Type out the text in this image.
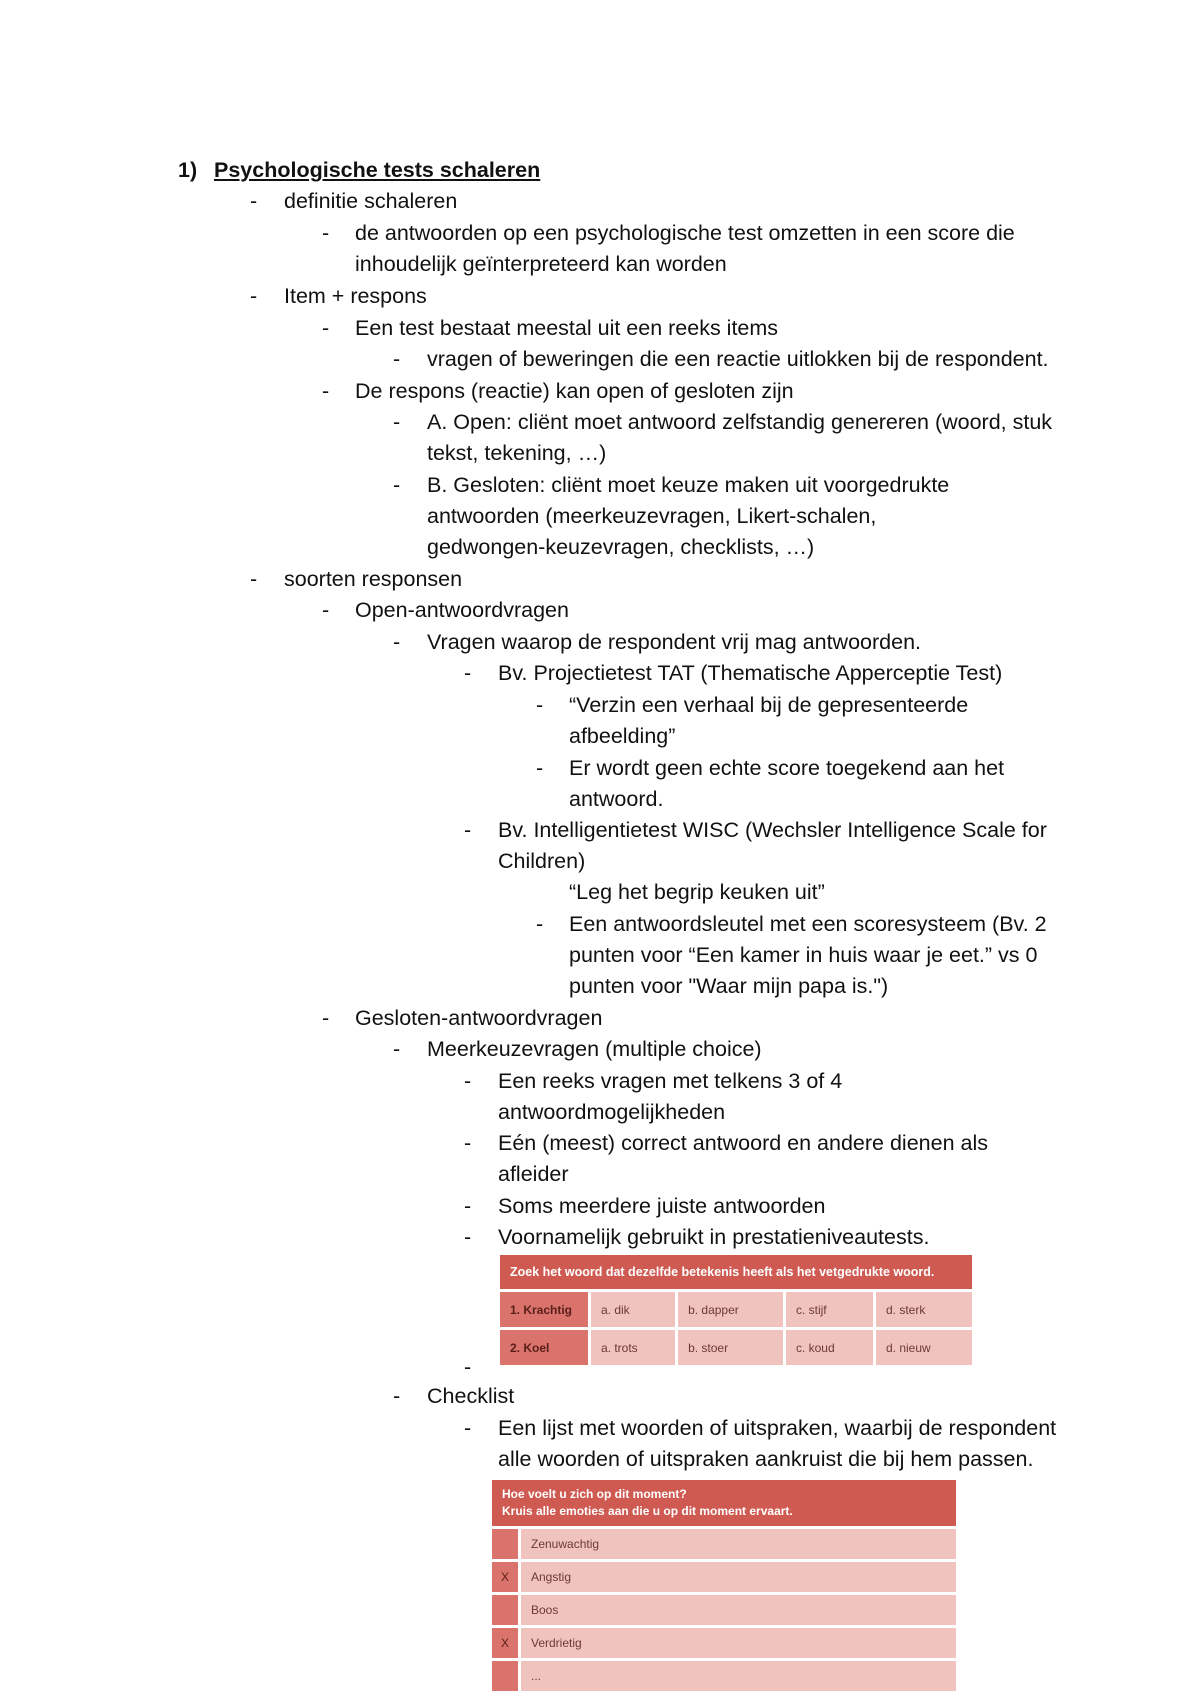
1) Psychologische tests schaleren
- definitie schaleren
- de antwoorden op een psychologische test omzetten in een score die
inhoudelijk geïnterpreteerd kan worden
- Item + respons
- Een test bestaat meestal uit een reeks items
- vragen of beweringen die een reactie uitlokken bij de respondent.
- De respons (reactie) kan open of gesloten zijn
- A. Open: cliënt moet antwoord zelfstandig genereren (woord, stuk
tekst, tekening, …)
- B. Gesloten: cliënt moet keuze maken uit voorgedrukte
antwoorden (meerkeuzevragen, Likert-schalen,
gedwongen-keuzevragen, checklists, …)
- soorten responsen
- Open-antwoordvragen
- Vragen waarop de respondent vrij mag antwoorden.
- Bv. Projectietest TAT (Thematische Apperceptie Test)
- “Verzin een verhaal bij de gepresenteerde
afbeelding”
- Er wordt geen echte score toegekend aan het
antwoord.
- Bv. Intelligentietest WISC (Wechsler Intelligence Scale for
Children)
“Leg het begrip keuken uit”
- Een antwoordsleutel met een scoresysteem (Bv. 2
punten voor “Een kamer in huis waar je eet.” vs 0
punten voor "Waar mijn papa is.")
- Gesloten-antwoordvragen
- Meerkeuzevragen (multiple choice)
- Een reeks vragen met telkens 3 of 4
antwoordmogelijkheden
- Eén (meest) correct antwoord en andere dienen als
afleider
- Soms meerdere juiste antwoorden
- Voornamelijk gebruikt in prestatieniveautests.
-
Zoek het woord dat dezelfde betekenis heeft als het vetgedrukte woord.				
1. Krachtig	a. dik	b. dapper	c. stijf	d. sterk
2. Koel	a. trots	b. stoer	c. koud	d. nieuw
- Checklist
- Een lijst met woorden of uitspraken, waarbij de respondent
alle woorden of uitspraken aankruist die bij hem passen.
Hoe voelt u zich op dit moment?
Kruis alle emoties aan die u op dit moment ervaart.	

	Zenuwachtig
X	Angstig
	Boos
X	Verdrietig
	...
